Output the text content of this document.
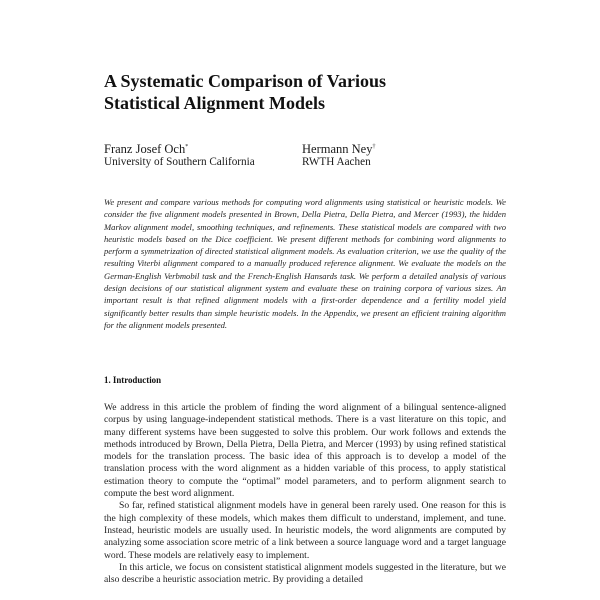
A Systematic Comparison of Various
Statistical Alignment Models
Franz Josef Och*
University of Southern California
Hermann Ney†
RWTH Aachen

We present and compare various methods for computing word alignments using statistical or heuristic models. We consider the five alignment models presented in Brown, Della Pietra, Della Pietra, and Mercer (1993), the hidden Markov alignment model, smoothing techniques, and refinements. These statistical models are compared with two heuristic models based on the Dice coefficient. We present different methods for combining word alignments to perform a symmetrization of directed statistical alignment models. As evaluation criterion, we use the quality of the resulting Viterbi alignment compared to a manually produced reference alignment. We evaluate the models on the German-English Verbmobil task and the French-English Hansards task. We perform a detailed analysis of various design decisions of our statistical alignment system and evaluate these on training corpora of various sizes. An important result is that refined alignment models with a first-order dependence and a fertility model yield significantly better results than simple heuristic models. In the Appendix, we present an efficient training algorithm for the alignment models presented.

1. Introduction

We address in this article the problem of finding the word alignment of a bilingual sentence-aligned corpus by using language-independent statistical methods. There is a vast literature on this topic, and many different systems have been suggested to solve this problem. Our work follows and extends the methods introduced by Brown, Della Pietra, Della Pietra, and Mercer (1993) by using refined statistical models for the translation process. The basic idea of this approach is to develop a model of the translation process with the word alignment as a hidden variable of this process, to apply statistical estimation theory to compute the “optimal” model parameters, and to perform alignment search to compute the best word alignment.

So far, refined statistical alignment models have in general been rarely used. One reason for this is the high complexity of these models, which makes them difficult to understand, implement, and tune. Instead, heuristic models are usually used. In heuristic models, the word alignments are computed by analyzing some association score metric of a link between a source language word and a target language word. These models are relatively easy to implement.

In this article, we focus on consistent statistical alignment models suggested in the literature, but we also describe a heuristic association metric. By providing a detailed
